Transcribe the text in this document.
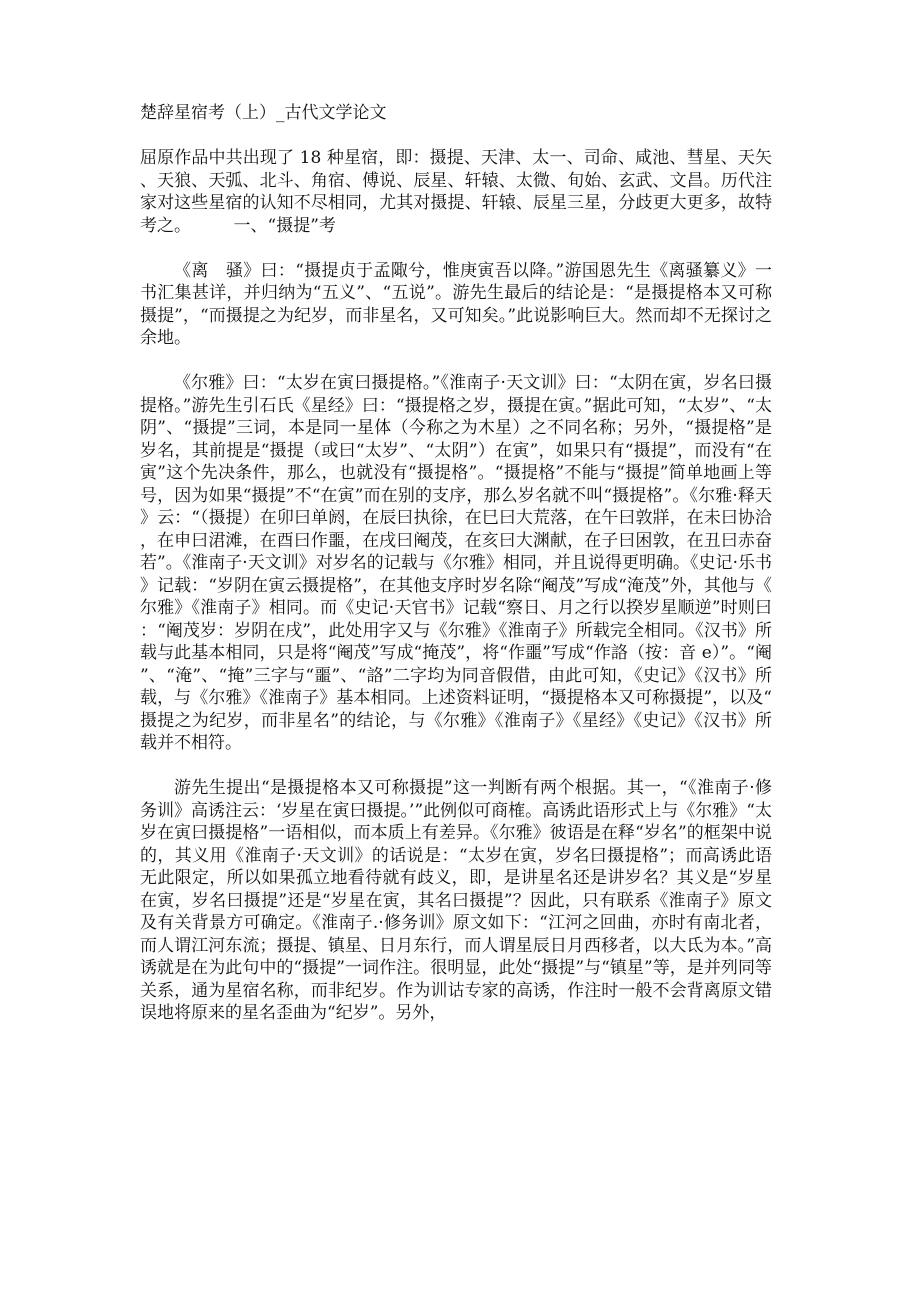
楚辞星宿考（上）_古代文学论文

屈原作品中共出现了 18 种星宿，即：摄提、天津、太一、司命、咸池、彗星、天矢、天狼、天弧、北斗、角宿、傅说、辰星、轩辕、太微、旬始、玄武、文昌。历代注家对这些星宿的认知不尽相同，尤其对摄提、轩辕、辰星三星，分歧更大更多，故特考之。　　　一、“摄提”考

《离　骚》曰：“摄提贞于孟陬兮，惟庚寅吾以降。”游国恩先生《离骚纂义》一书汇集甚详，并归纳为“五义”、“五说”。游先生最后的结论是：“是摄提格本又可称摄提”，“而摄提之为纪岁，而非星名，又可知矣。”此说影响巨大。然而却不无探讨之余地。

《尔雅》曰：“太岁在寅曰摄提格。”《淮南子·天文训》曰：“太阴在寅，岁名曰摄提格。”游先生引石氏《星经》曰：“摄提格之岁，摄提在寅。”据此可知，“太岁”、“太阴”、“摄提”三词，本是同一星体（今称之为木星）之不同名称；另外，“摄提格”是岁名，其前提是“摄提（或曰“太岁”、“太阴”）在寅”，如果只有“摄提”，而没有“在寅”这个先决条件，那么，也就没有“摄提格”。“摄提格”不能与“摄提”简单地画上等号，因为如果“摄提”不“在寅”而在别的支序，那么岁名就不叫“摄提格”。《尔雅·释天》云：“（摄提）在卯曰单阏，在辰曰执徐，在巳曰大荒落，在午曰敦牂，在未曰协洽，在申曰涒滩，在酉曰作噩，在戌曰阉茂，在亥曰大渊献，在子曰困敦，在丑曰赤奋若”。《淮南子·天文训》对岁名的记载与《尔雅》相同，并且说得更明确。《史记·乐书》记载：“岁阴在寅云摄提格”，在其他支序时岁名除“阉茂”写成“淹茂”外，其他与《尔雅》《淮南子》相同。而《史记·天官书》记载“察日、月之行以揆岁星顺逆”时则曰：“阉茂岁：岁阴在戌”，此处用字又与《尔雅》《淮南子》所载完全相同。《汉书》所载与此基本相同，只是将“阉茂”写成“掩茂”，将“作噩”写成“作詻（按：音 e）”。“阉”、“淹”、“掩”三字与“噩”、“詻”二字均为同音假借，由此可知，《史记》《汉书》所载，与《尔雅》《淮南子》基本相同。上述资料证明，“摄提格本又可称摄提”，以及“摄提之为纪岁，而非星名”的结论，与《尔雅》《淮南子》《星经》《史记》《汉书》所载并不相符。

游先生提出“是摄提格本又可称摄提”这一判断有两个根据。其一，“《淮南子·修务训》高诱注云：‘岁星在寅曰摄提。’”此例似可商榷。高诱此语形式上与《尔雅》“太岁在寅曰摄提格”一语相似，而本质上有差异。《尔雅》彼语是在释“岁名”的框架中说的，其义用《淮南子·天文训》的话说是：“太岁在寅，岁名曰摄提格”；而高诱此语无此限定，所以如果孤立地看待就有歧义，即，是讲星名还是讲岁名？其义是“岁星在寅，岁名曰摄提”还是“岁星在寅，其名曰摄提”？因此，只有联系《淮南子》原文及有关背景方可确定。《淮南子.·修务训》原文如下：“江河之回曲，亦时有南北者，而人谓江河东流；摄提、镇星、日月东行，而人谓星辰日月西移者，以大氐为本。”高诱就是在为此句中的“摄提”一词作注。很明显，此处“摄提”与“镇星”等，是并列同等关系，通为星宿名称，而非纪岁。作为训诂专家的高诱，作注时一般不会背离原文错误地将原来的星名歪曲为“纪岁”。另外，
